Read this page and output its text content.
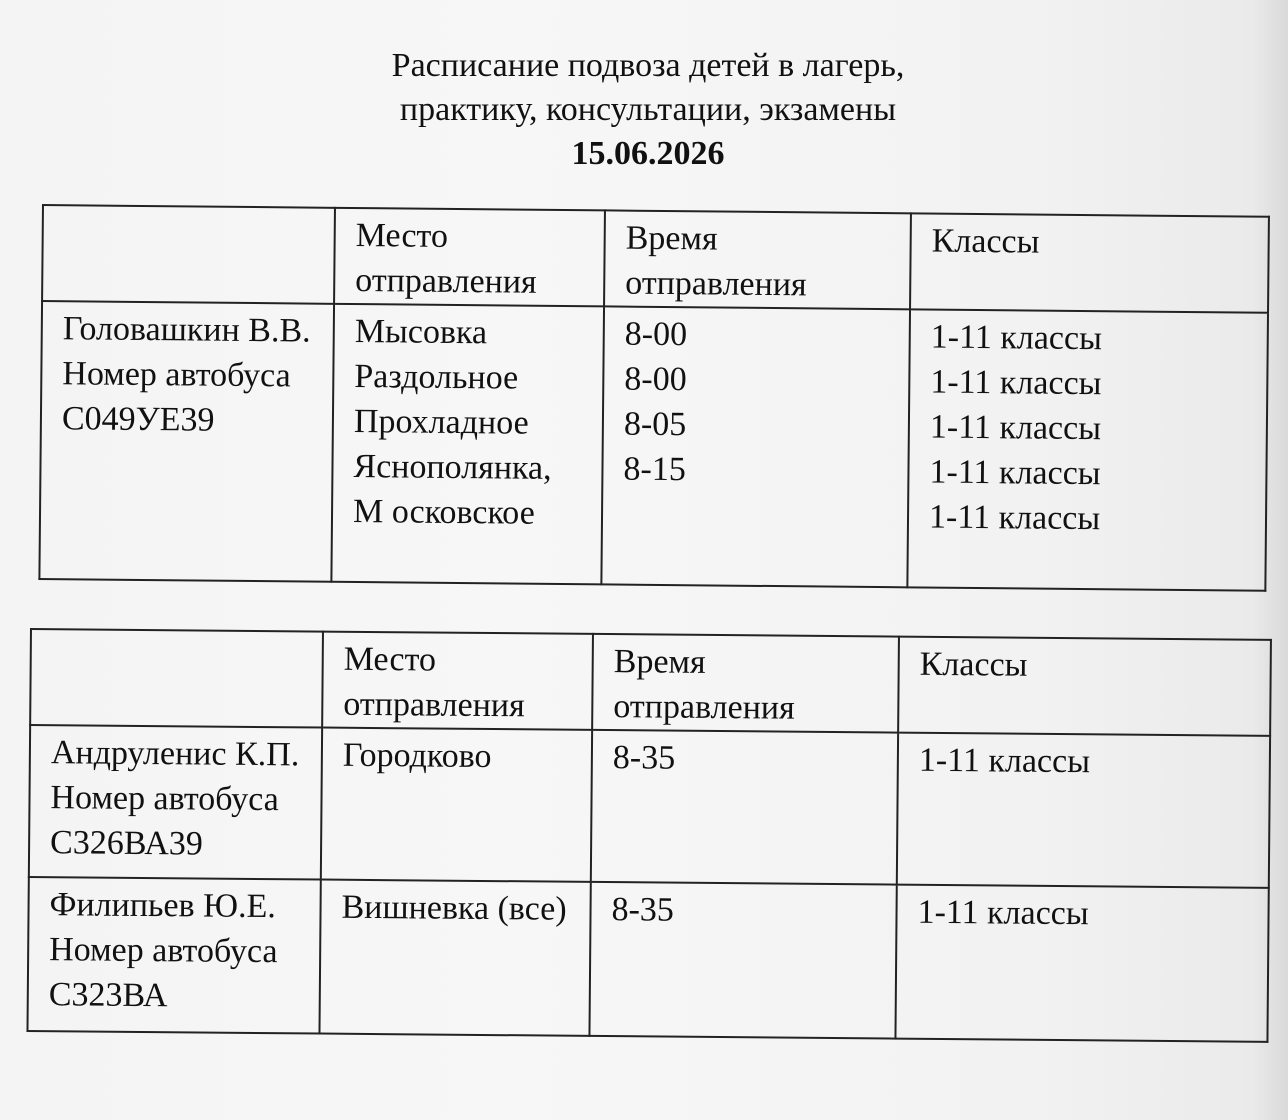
Расписание подвоза детей в лагерь,
практику, консультации, экзамены
15.06.2026

	Место
отправления	Время
отправления	Классы

Головашкин В.В.
Номер автобуса
С049УЕ39	Мысовка
Раздольное
Прохладное
Яснополянка,
М осковское	8-00
8-00
8-05
8-15	1-11 классы
1-11 классы
1-11 классы
1-11 классы
1-11 классы

	Место
отправления	Время
отправления	Классы

Андруленис К.П.
Номер автобуса
С326ВА39	Городково	8-35	1-11 классы

Филипьев Ю.Е.
Номер автобуса
С323ВА	Вишневка (все)	8-35	1-11 классы
